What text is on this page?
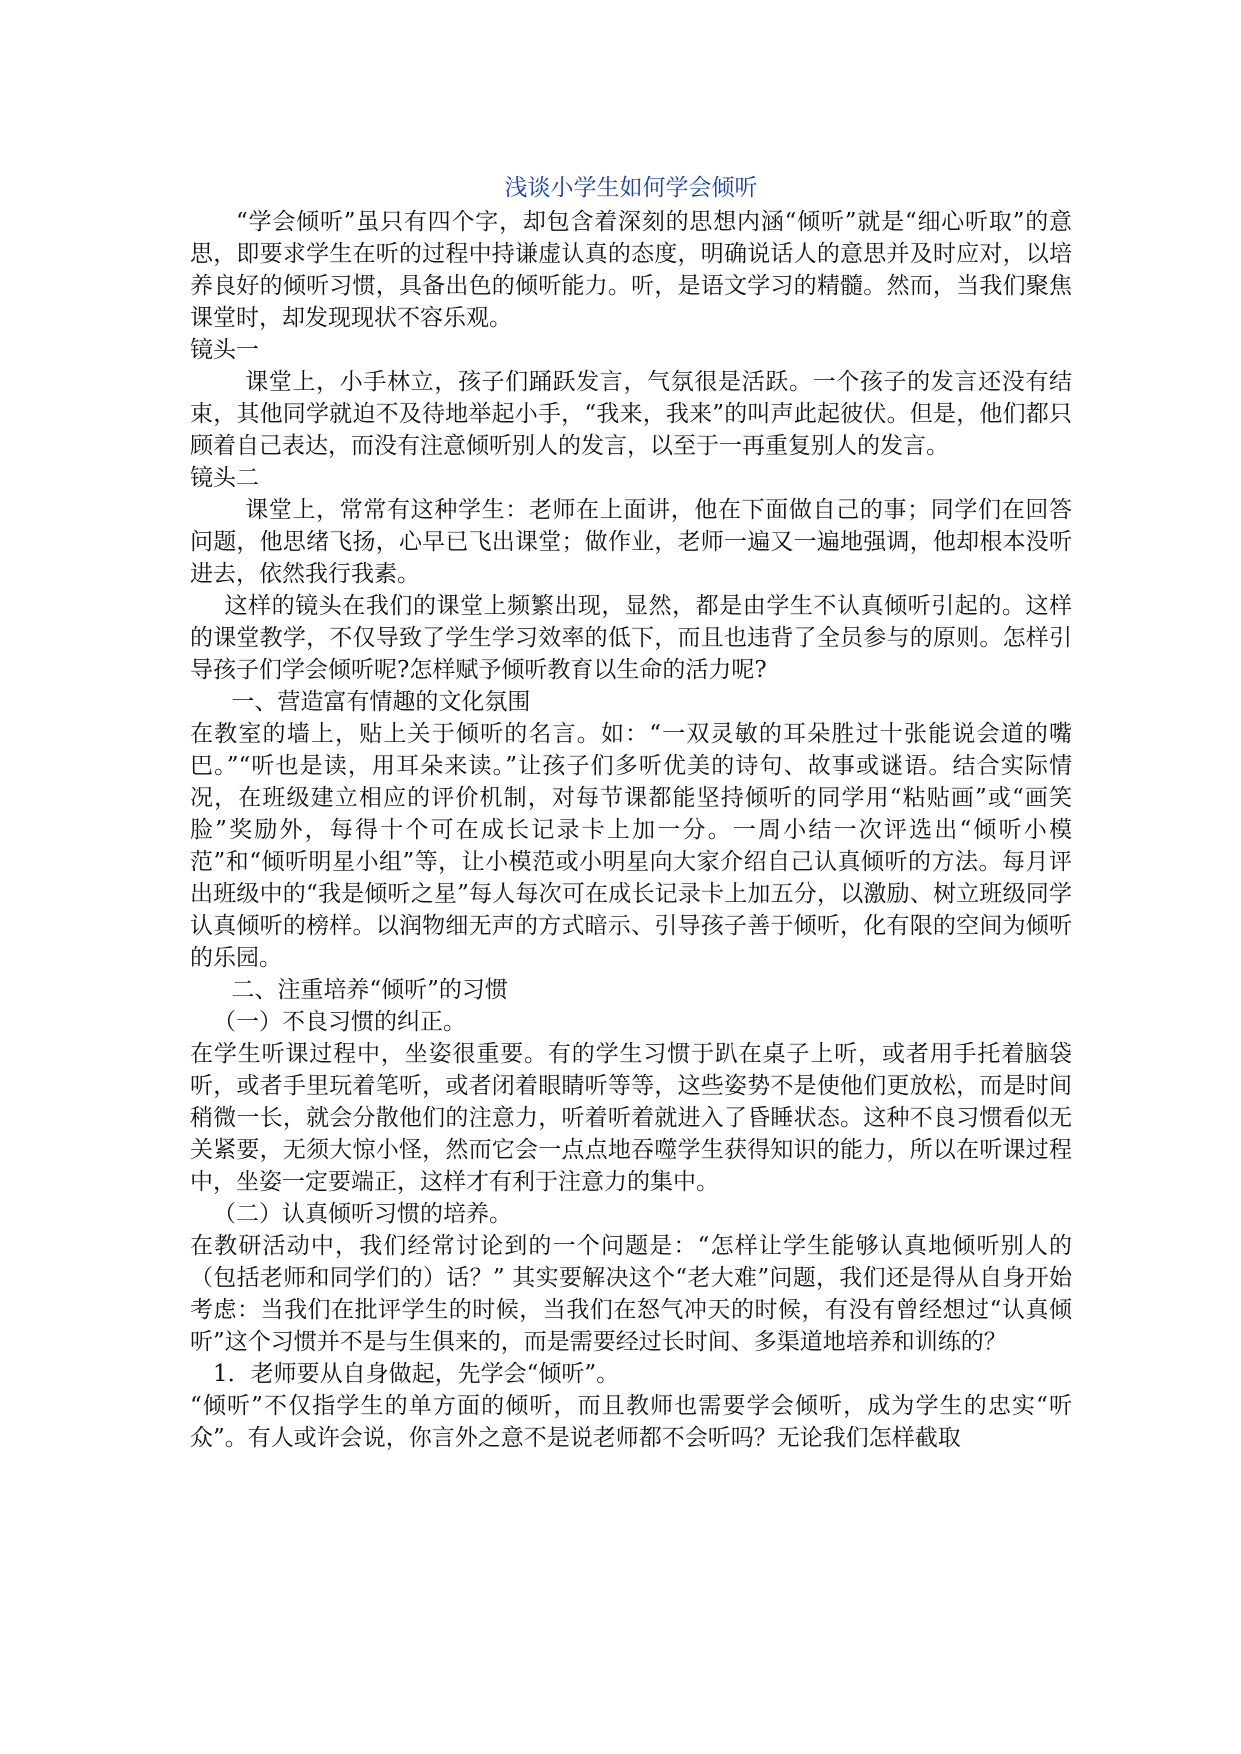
浅谈小学生如何学会倾听

“学会倾听”虽只有四个字，却包含着深刻的思想内涵“倾听”就是“细心听取”的意思，即要求学生在听的过程中持谦虚认真的态度，明确说话人的意思并及时应对，以培养良好的倾听习惯，具备出色的倾听能力。听，是语文学习的精髓。然而，当我们聚焦课堂时，却发现现状不容乐观。

镜头一

课堂上，小手林立，孩子们踊跃发言，气氛很是活跃。一个孩子的发言还没有结束，其他同学就迫不及待地举起小手，“我来，我来”的叫声此起彼伏。但是，他们都只顾着自己表达，而没有注意倾听别人的发言，以至于一再重复别人的发言。

镜头二

课堂上，常常有这种学生：老师在上面讲，他在下面做自己的事；同学们在回答问题，他思绪飞扬，心早已飞出课堂；做作业，老师一遍又一遍地强调，他却根本没听进去，依然我行我素。

这样的镜头在我们的课堂上频繁出现，显然，都是由学生不认真倾听引起的。这样的课堂教学，不仅导致了学生学习效率的低下，而且也违背了全员参与的原则。怎样引导孩子们学会倾听呢?怎样赋予倾听教育以生命的活力呢?

一、营造富有情趣的文化氛围

在教室的墙上，贴上关于倾听的名言。如：“一双灵敏的耳朵胜过十张能说会道的嘴巴。”“听也是读，用耳朵来读。”让孩子们多听优美的诗句、故事或谜语。结合实际情况，在班级建立相应的评价机制，对每节课都能坚持倾听的同学用“粘贴画”或“画笑脸”奖励外，每得十个可在成长记录卡上加一分。一周小结一次评选出“倾听小模范”和“倾听明星小组”等，让小模范或小明星向大家介绍自己认真倾听的方法。每月评出班级中的“我是倾听之星”每人每次可在成长记录卡上加五分，以激励、树立班级同学认真倾听的榜样。以润物细无声的方式暗示、引导孩子善于倾听，化有限的空间为倾听的乐园。

二、注重培养“倾听”的习惯

（一）不良习惯的纠正。

在学生听课过程中，坐姿很重要。有的学生习惯于趴在桌子上听，或者用手托着脑袋听，或者手里玩着笔听，或者闭着眼睛听等等，这些姿势不是使他们更放松，而是时间稍微一长，就会分散他们的注意力，听着听着就进入了昏睡状态。这种不良习惯看似无关紧要，无须大惊小怪，然而它会一点点地吞噬学生获得知识的能力，所以在听课过程中，坐姿一定要端正，这样才有利于注意力的集中。

（二）认真倾听习惯的培养。

在教研活动中，我们经常讨论到的一个问题是：“怎样让学生能够认真地倾听别人的（包括老师和同学们的）话？” 其实要解决这个“老大难”问题，我们还是得从自身开始考虑：当我们在批评学生的时候，当我们在怒气冲天的时候，有没有曾经想过“认真倾听”这个习惯并不是与生俱来的，而是需要经过长时间、多渠道地培养和训练的？

1．老师要从自身做起，先学会“倾听”。

“倾听”不仅指学生的单方面的倾听，而且教师也需要学会倾听，成为学生的忠实“听众”。有人或许会说，你言外之意不是说老师都不会听吗？无论我们怎样截取
